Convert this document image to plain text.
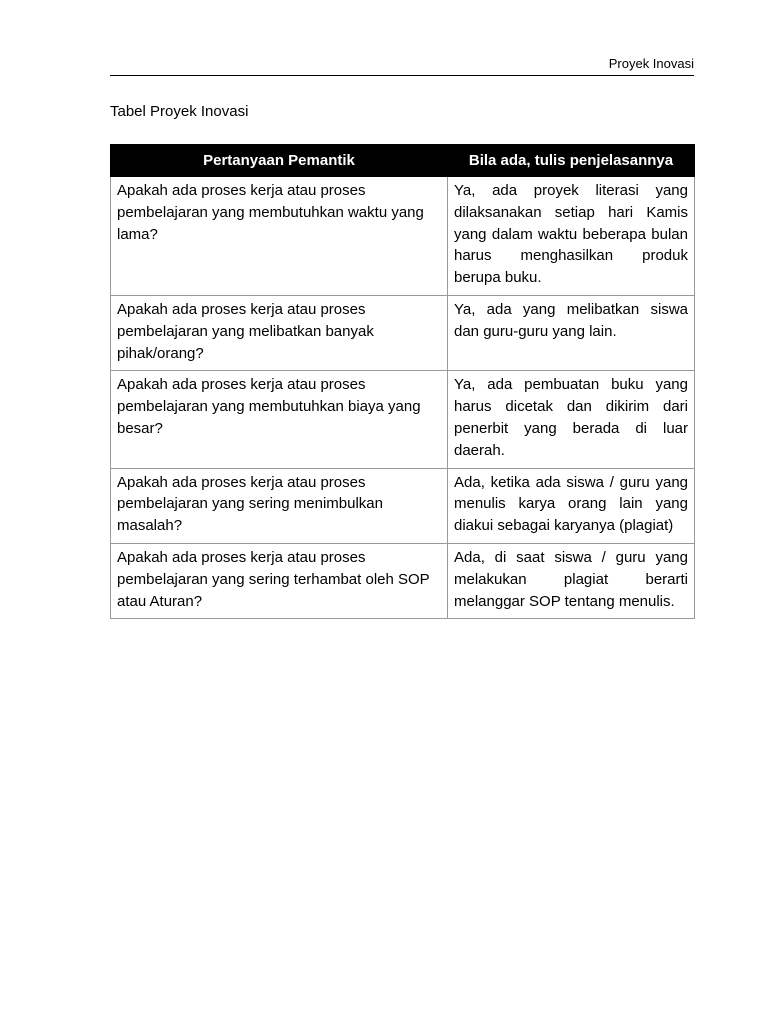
Proyek Inovasi
Tabel Proyek Inovasi
Pertanyaan Pemantik	Bila ada, tulis penjelasannya
Apakah ada proses kerja atau proses pembelajaran yang membutuhkan waktu yang lama?	Ya, ada proyek literasi yang dilaksanakan setiap hari Kamis yang dalam waktu beberapa bulan harus menghasilkan produk berupa buku.
Apakah ada proses kerja atau proses pembelajaran yang melibatkan banyak pihak/orang?	Ya, ada yang melibatkan siswa dan guru-guru yang lain.
Apakah ada proses kerja atau proses pembelajaran yang membutuhkan biaya yang besar?	Ya, ada pembuatan buku yang harus dicetak dan dikirim dari penerbit yang berada di luar daerah.
Apakah ada proses kerja atau proses pembelajaran yang sering menimbulkan masalah?	Ada, ketika ada siswa / guru yang menulis karya orang lain yang diakui sebagai karyanya (plagiat)
Apakah ada proses kerja atau proses pembelajaran yang sering terhambat oleh SOP atau Aturan?	Ada, di saat siswa / guru yang melakukan plagiat berarti melanggar SOP tentang menulis.
